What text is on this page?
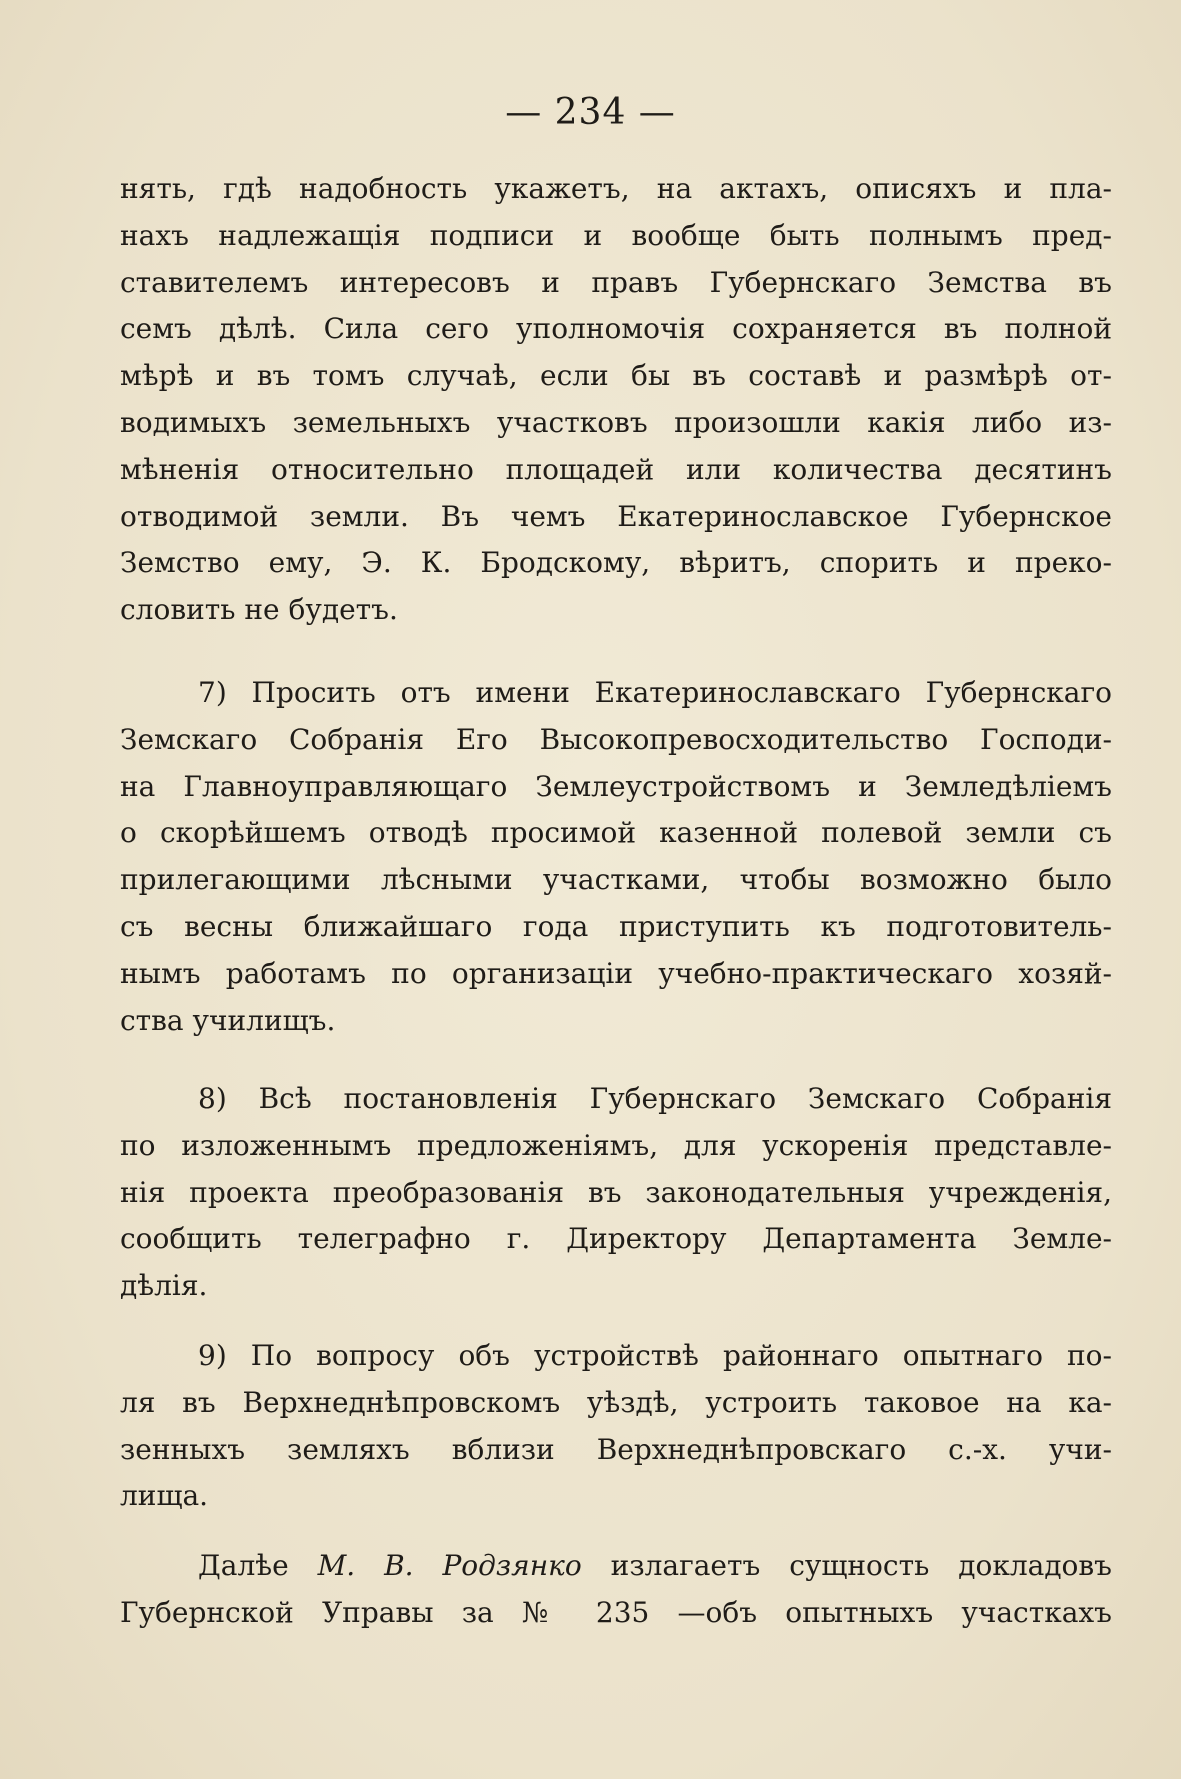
— 234 —
нять, гдѣ надобность укажетъ, на актахъ, описяхъ и пла-
нахъ надлежащія подписи и вообще быть полнымъ пред-
ставителемъ интересовъ и правъ Губернскаго Земства въ
семъ дѣлѣ. Сила сего уполномочія сохраняется въ полной
мѣрѣ и въ томъ случаѣ, если бы въ составѣ и размѣрѣ от-
водимыхъ земельныхъ участковъ произошли какія либо из-
мѣненія относительно площадей или количества десятинъ
отводимой земли. Въ чемъ Екатеринославское Губернское
Земство ему, Э. К. Бродскому, вѣритъ, спорить и преко-
словить не будетъ.
7) Просить отъ имени Екатеринославскаго Губернскаго
Земскаго Собранія Его Высокопревосходительство Господи-
на Главноуправляющаго Землеустройствомъ и Земледѣліемъ
о скорѣйшемъ отводѣ просимой казенной полевой земли съ
прилегающими лѣсными участками, чтобы возможно было
съ весны ближайшаго года приступить къ подготовитель-
нымъ работамъ по организаціи учебно-практическаго хозяй-
ства училищъ.
8) Всѣ постановленія Губернскаго Земскаго Собранія
по изложеннымъ предложеніямъ, для ускоренія представле-
нія проекта преобразованія въ законодательныя учрежденія,
сообщить телеграфно г. Директору Департамента Земле-
дѣлія.
9) По вопросу объ устройствѣ районнаго опытнаго по-
ля въ Верхнеднѣпровскомъ уѣздѣ, устроить таковое на ка-
зенныхъ земляхъ вблизи Верхнеднѣпровскаго с.-х. учи-
лища.
Далѣе М. В. Родзянко излагаетъ сущность докладовъ
Губернской Управы за № 235 —объ опытныхъ участкахъ
